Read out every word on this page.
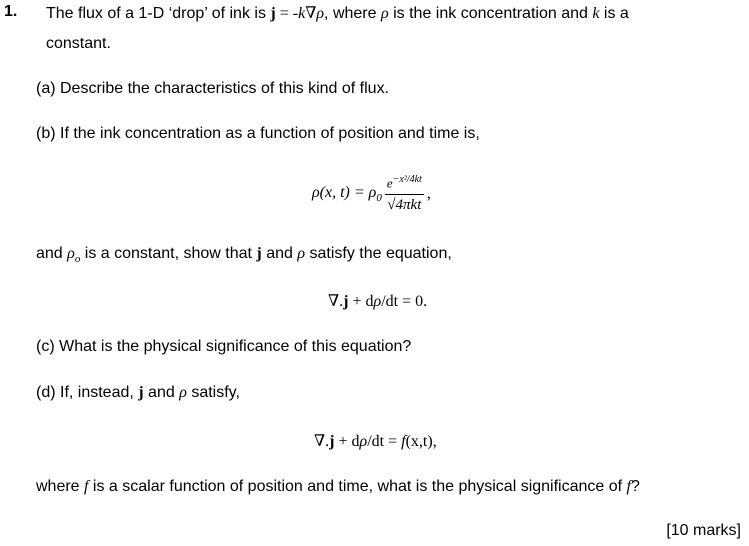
1. The flux of a 1-D ‘drop’ of ink is j = -k∇ρ, where ρ is the ink concentration and k is a
constant.
(a) Describe the characteristics of this kind of flux.
(b) If the ink concentration as a function of position and time is,
ρ(x, $t) = \rho_0 \frac{e^{-x^2/4kt}}{\text{√4πkt}}$ ,
and $\rho_o$ is a constant, show that j and ρ satisfy the equation,
∇.j + dρ/dt = 0.
(c) What is the physical significance of this equation?
(d) If, instead, j and ρ satisfy,
∇.j + dρ/dt = f(x,t),
where f is a scalar function of position and time, what is the physical significance of f?
[10 marks]
